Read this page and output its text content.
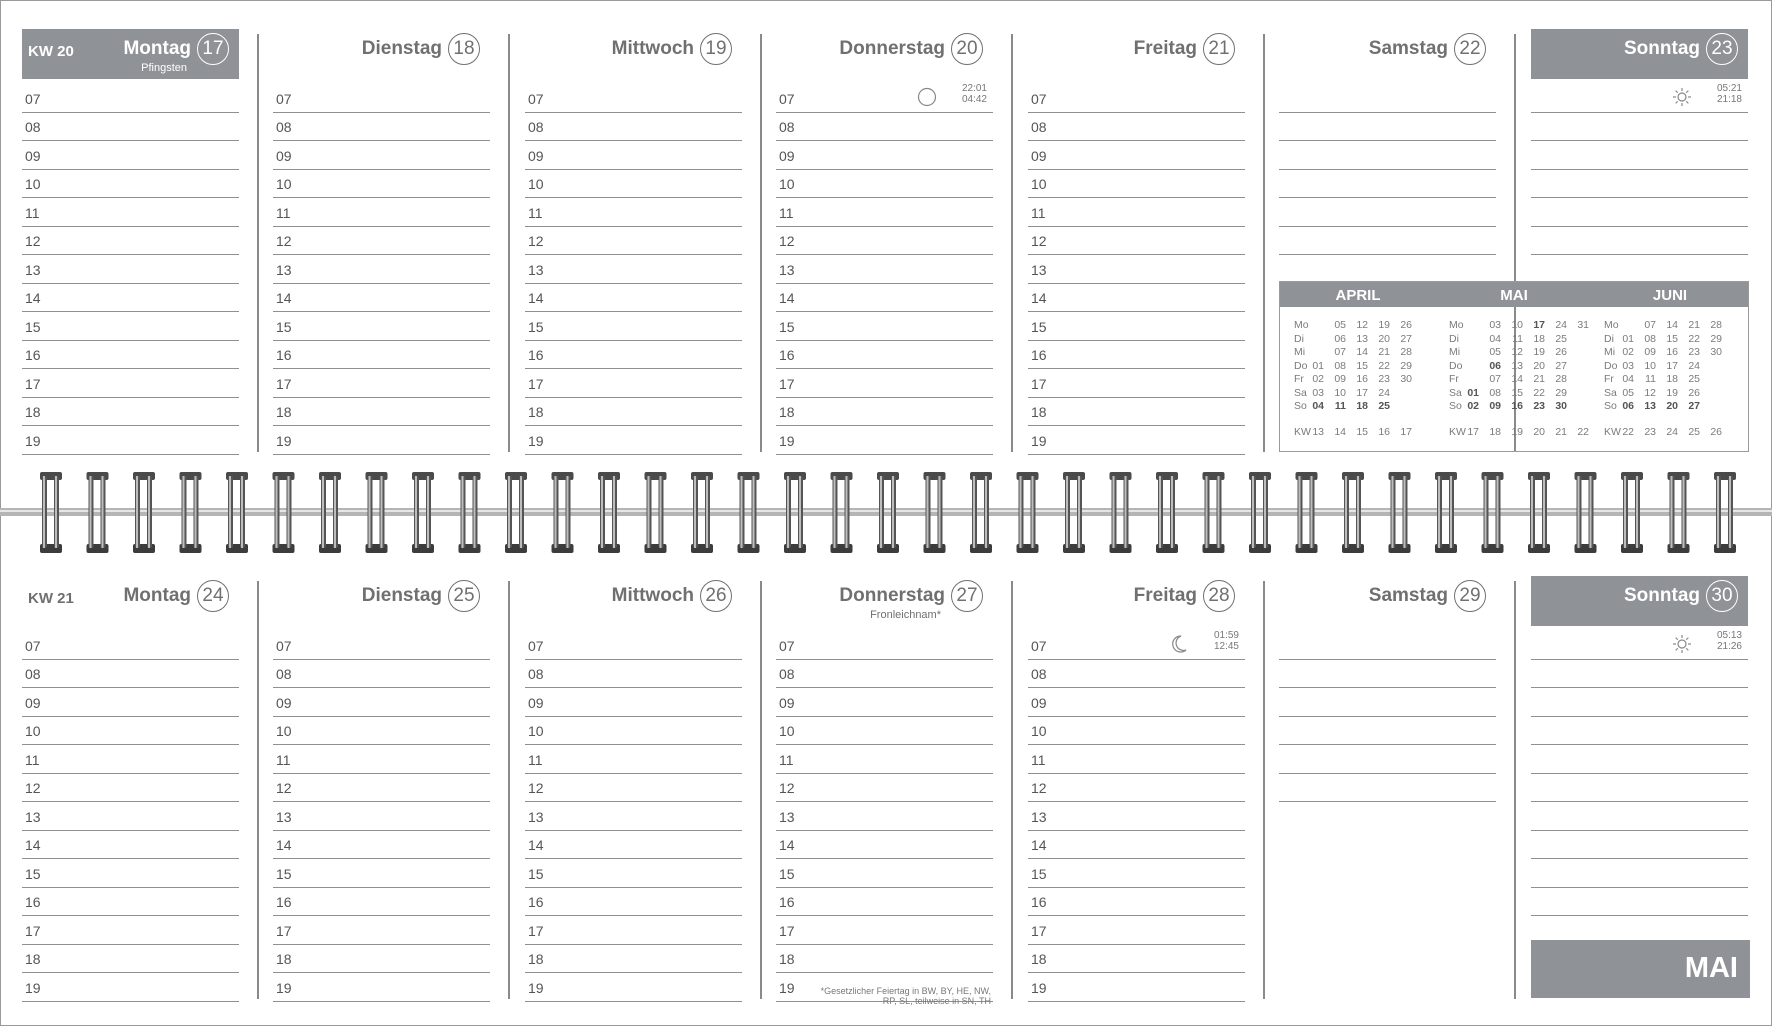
KW 20	Montag 17
Pfingsten
07
08
09
10
11
12
13
14
15
16
17
18
19
Dienstag 18
07
08
09
10
11
12
13
14
15
16
17
18
19
Mittwoch 19
07
08
09
10
11
12
13
14
15
16
17
18
19
Donnerstag 20
07
08
09
10
11
12
13
14
15
16
17
18
19
22:01
04:42
Freitag 21
07
08
09
10
11
12
13
14
15
16
17
18
19
Samstag 22	Sonntag 23
05:21
21:18
KW 21	Montag 24
07
08
09
10
11
12
13
14
15
16
17
18
19
Dienstag 25
07
08
09
10
11
12
13
14
15
16
17
18
19
Mittwoch 26
07
08
09
10
11
12
13
14
15
16
17
18
19
Donnerstag 27
Fronleichnam*
07
08
09
10
11
12
13
14
15
16
17
18
19	*Gesetzlicher Feiertag in BW, BY, HE, NW, RP, SL, teilweise in SN, TH
Freitag 28
07
08
09
10
11
12
13
14
15
16
17
18
19
01:59
12:45
Samstag 29	Sonntag 30
05:13
21:26
APRIL	MAI	JUNI
Mo	05 12 19 26
Di	06 13 20 27
Mi	07 14 21 28
Do 01 08 15 22 29
Fr 02 09 16 23 30
Sa 03 10 17 24
So 04	11 18 25
KW 13 14 15 16 17
Mo	03 10 17 24 31
Di	04	11 18 25
Mi	05 12 19 26
Do	06 13 20 27
Fr	07 14 21 28
Sa 01 08 15 22 29
So 02 09 16 23 30
KW 17 18 19 20 21 22
Mo	07 14 21 28
Di 01 08 15 22 29
Mi 02 09 16 23 30
Do 03 10 17 24
Fr 04	11 18 25
Sa 05 12 19 26
So 06 13 20 27
KW 22 23 24 25 26
MAI
